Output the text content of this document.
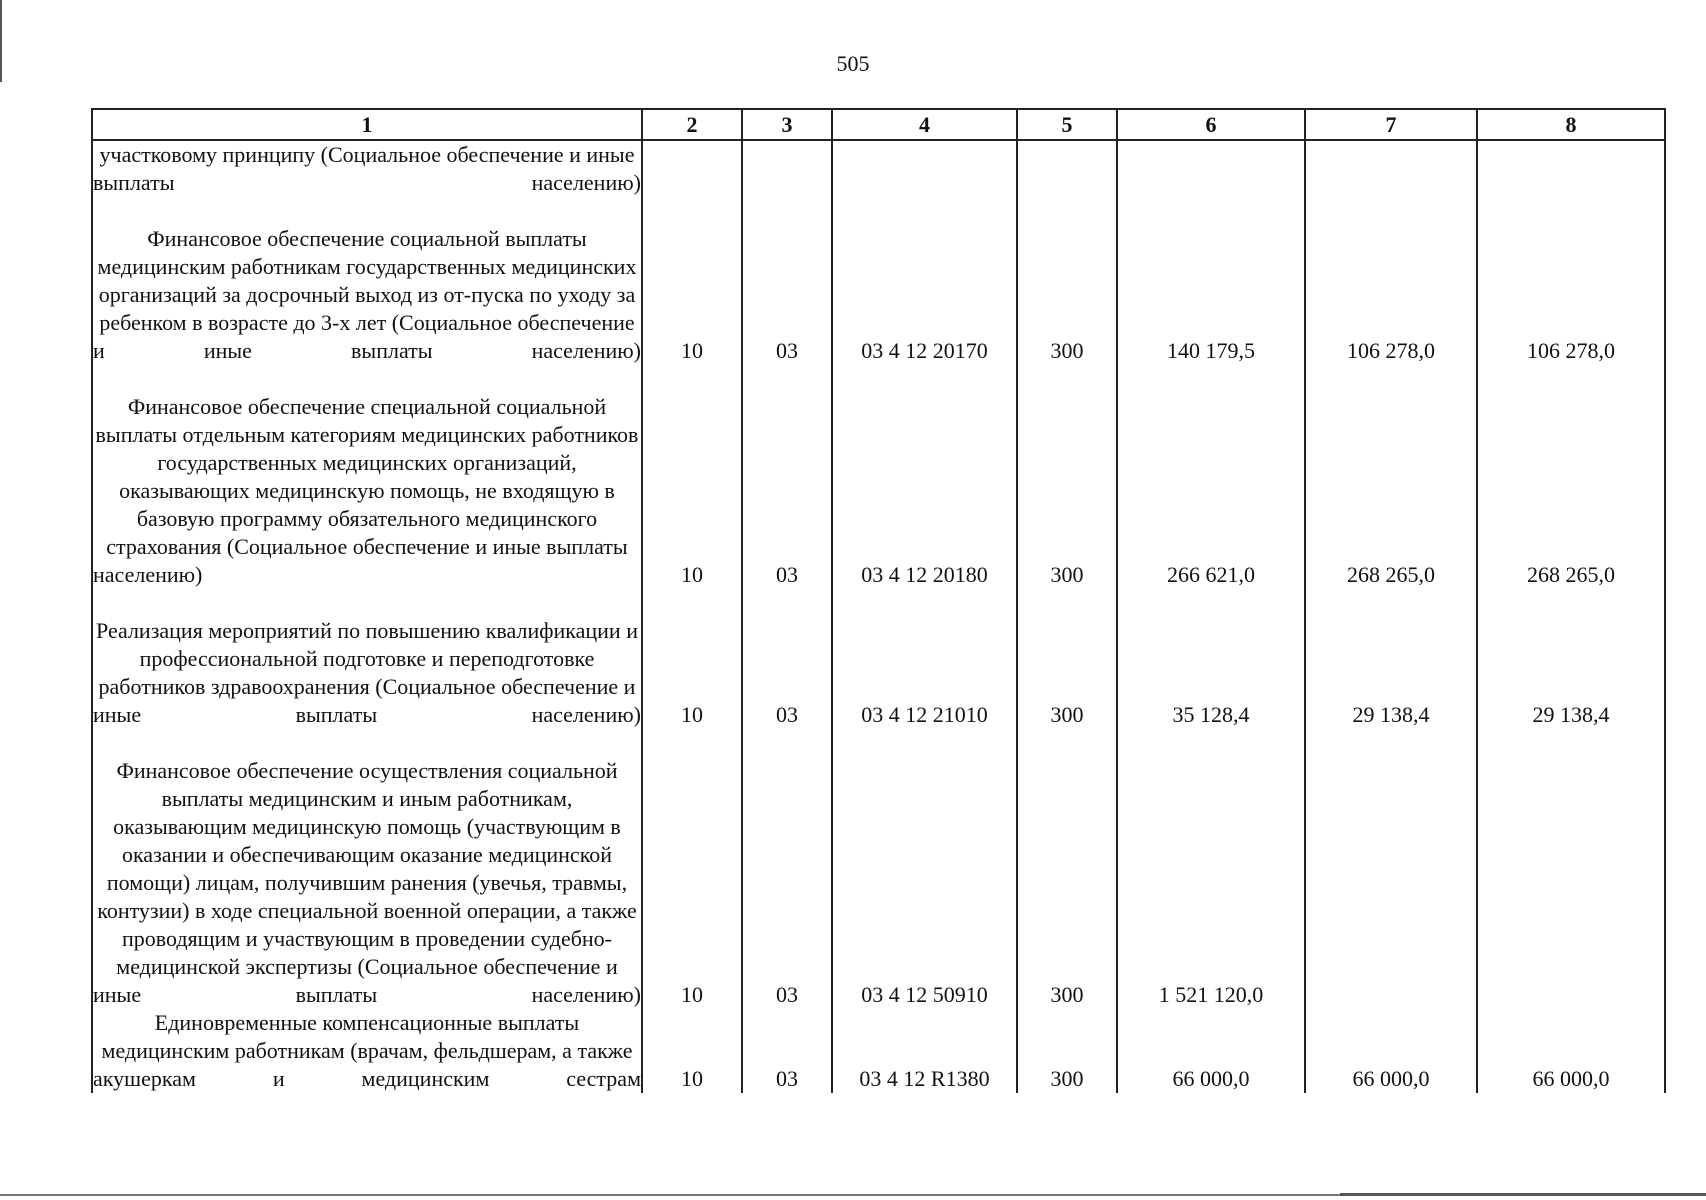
505
1	2	3	4	5	6	7	8
участковому принципу (Социальное обеспечение и иные выплаты населению)							
Финансовое обеспечение социальной выплаты медицинским работникам государственных медицинских организаций за досрочный выход из от-пуска по уходу за ребенком в возрасте до 3-х лет (Социальное обеспечение и иные выплаты населению)	10	03	03 4 12 20170	300	140 179,5	106 278,0	106 278,0
Финансовое обеспечение специальной социальной выплаты отдельным категориям медицинских работников государственных медицинских организаций, оказывающих медицинскую помощь, не входящую в базовую программу обязательного медицинского страхования (Социальное обеспечение и иные выплаты населению)	10	03	03 4 12 20180	300	266 621,0	268 265,0	268 265,0
Реализация мероприятий по повышению квалификации и профессиональной подготовке и переподготовке работников здравоохранения (Социальное обеспечение и иные выплаты населению)	10	03	03 4 12 21010	300	35 128,4	29 138,4	29 138,4
Финансовое обеспечение осуществления социальной выплаты медицинским и иным работникам, оказывающим медицинскую помощь (участвующим в оказании и обеспечивающим оказание медицинской помощи) лицам, получившим ранения (увечья, травмы, контузии) в ходе специальной военной операции, а также проводящим и участвующим в проведении судебно-медицинской экспертизы (Социальное обеспечение и иные выплаты населению)	10	03	03 4 12 50910	300	1 521 120,0		
Единовременные компенсационные выплаты медицинским работникам (врачам, фельдшерам, а также акушеркам и медицинским сестрам	10	03	03 4 12 R1380	300	66 000,0	66 000,0	66 000,0
